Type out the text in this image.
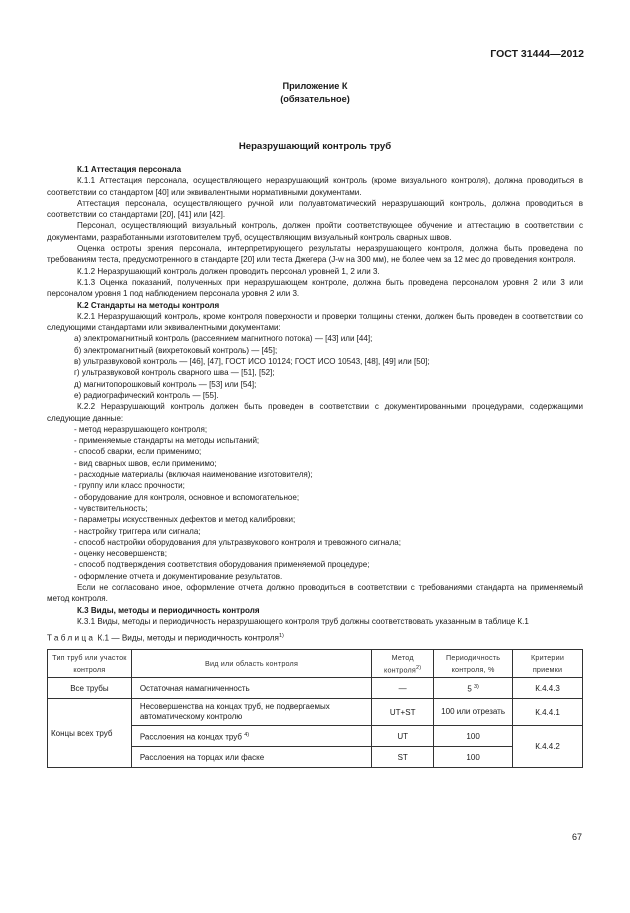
ГОСТ 31444—2012
Приложение К
(обязательное)
Неразрушающий контроль труб

К.1 Аттестация персонала

К.1.1 Аттестация персонала, осуществляющего неразрушающий контроль (кроме визуального контроля), должна проводиться в соответствии со стандартом [40] или эквивалентными нормативными документами.

Аттестация персонала, осуществляющего ручной или полуавтоматический неразрушающий контроль, должна проводиться в соответствии со стандартами [20], [41] или [42].

Персонал, осуществляющий визуальный контроль, должен пройти соответствующее обучение и аттестацию в соответствии с документами, разработанными изготовителем труб, осуществляющим визуальный контроль сварных швов.

Оценка остроты зрения персонала, интерпретирующего результаты неразрушающего контроля, должна быть проведена по требованиям теста, предусмотренного в стандарте [20] или теста Джегера (J-w на 300 мм), не более чем за 12 мес до проведения контроля.

К.1.2 Неразрушающий контроль должен проводить персонал уровней 1, 2 или 3.

К.1.3 Оценка показаний, полученных при неразрушающем контроле, должна быть проведена персоналом уровня 2 или 3 или персоналом уровня 1 под наблюдением персонала уровня 2 или 3.

К.2 Стандарты на методы контроля

К.2.1 Неразрушающий контроль, кроме контроля поверхности и проверки толщины стенки, должен быть проведен в соответствии со следующими стандартами или эквивалентными документами:

а) электромагнитный контроль (рассеянием магнитного потока) — [43] или [44];

б) электромагнитный (вихретоковый контроль) — [45];

в) ультразвуковой контроль — [46], [47], ГОСТ ИСО 10124; ГОСТ ИСО 10543, [48], [49] или [50];

г) ультразвуковой контроль сварного шва — [51], [52];

д) магнитопорошковый контроль — [53] или [54];

е) радиографический контроль — [55].

К.2.2 Неразрушающий контроль должен быть проведен в соответствии с документированными процедурами, содержащими следующие данные:

- метод неразрушающего контроля;

- применяемые стандарты на методы испытаний;

- способ сварки, если применимо;

- вид сварных швов, если применимо;

- расходные материалы (включая наименование изготовителя);

- группу или класс прочности;

- оборудование для контроля, основное и вспомогательное;

- чувствительность;

- параметры искусственных дефектов и метод калибровки;

- настройку триггера или сигнала;

- способ настройки оборудования для ультразвукового контроля и тревожного сигнала;

- оценку несовершенств;

- способ подтверждения соответствия оборудования применяемой процедуре;

- оформление отчета и документирование результатов.

Если не согласовано иное, оформление отчета должно проводиться в соответствии с требованиями стандарта на применяемый метод контроля.

К.3 Виды, методы и периодичность контроля

К.3.1 Виды, методы и периодичность неразрушающего контроля труб должны соответствовать указанным в таблице К.1

Таблица К.1 — Виды, методы и периодичность контроля$^{1)}$

Тип труб или участок контроля	Вид или область контроля	Метод контроля$^{2)}$	Периодичность контроля, %	Критерии приемки
Все трубы	Остаточная намагниченность	—	5 $^{3)}$	К.4.4.3
Концы всех труб	Несовершенства на концах труб, не подвергаемых автоматическому контролю	UT+ST	100 или отрезать	К.4.4.1
	Расслоения на концах труб $^{4)}$	UT	100	К.4.4.2
	Расслоения на торцах или фаске	ST	100	
67
